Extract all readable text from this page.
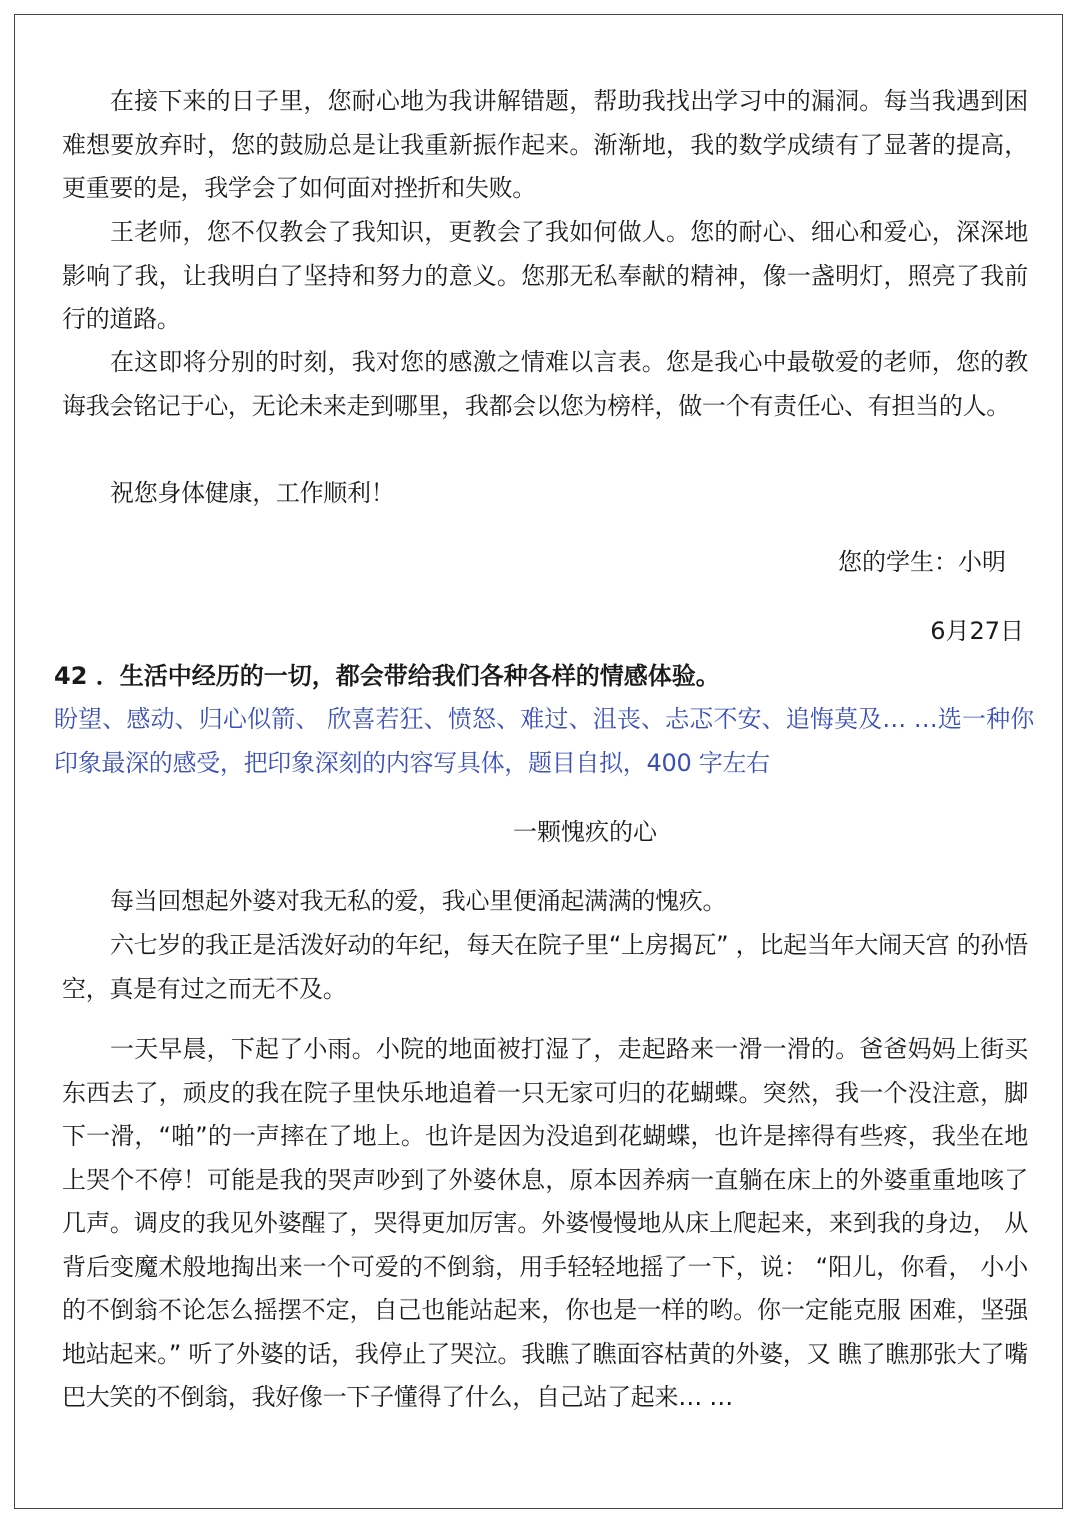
在接下来的日子里，您耐心地为我讲解错题，帮助我找出学习中的漏洞。每当我遇到困难想要放弃时，您的鼓励总是让我重新振作起来。渐渐地，我的数学成绩有了显著的提高，更重要的是，我学会了如何面对挫折和失败。

王老师，您不仅教会了我知识，更教会了我如何做人。您的耐心、细心和爱心，深深地影响了我，让我明白了坚持和努力的意义。您那无私奉献的精神，像一盏明灯，照亮了我前行的道路。

在这即将分别的时刻，我对您的感激之情难以言表。您是我心中最敬爱的老师，您的教诲我会铭记于心，无论未来走到哪里，我都会以您为榜样，做一个有责任心、有担当的人。

祝您身体健康，工作顺利！

您的学生：小明

6月27日

42 ．生活中经历的一切，都会带给我们各种各样的情感体验。

盼望、感动、归心似箭、 欣喜若狂、愤怒、难过、沮丧、忐忑不安、追悔莫及… …选一种你印象最深的感受，把印象深刻的内容写具体，题目自拟，400 字左右

一颗愧疚的心

每当回想起外婆对我无私的爱，我心里便涌起满满的愧疚。

六七岁的我正是活泼好动的年纪，每天在院子里“上房揭瓦” ，比起当年大闹天宫 的孙悟空，真是有过之而无不及。

一天早晨，下起了小雨。小院的地面被打湿了，走起路来一滑一滑的。爸爸妈妈上街买东西去了，顽皮的我在院子里快乐地追着一只无家可归的花蝴蝶。突然，我一个没注意，脚下一滑，“啪”的一声摔在了地上。也许是因为没追到花蝴蝶，也许是摔得有些疼，我坐在地上哭个不停！可能是我的哭声吵到了外婆休息，原本因养病一直躺在床上的外婆重重地咳了几声。调皮的我见外婆醒了，哭得更加厉害。外婆慢慢地从床上爬起来，来到我的身边， 从背后变魔术般地掏出来一个可爱的不倒翁，用手轻轻地摇了一下，说： “阳儿，你看， 小小的不倒翁不论怎么摇摆不定，自己也能站起来，你也是一样的哟。你一定能克服 困难，坚强地站起来。” 听了外婆的话，我停止了哭泣。我瞧了瞧面容枯黄的外婆，又 瞧了瞧那张大了嘴巴大笑的不倒翁，我好像一下子懂得了什么，自己站了起来… …
